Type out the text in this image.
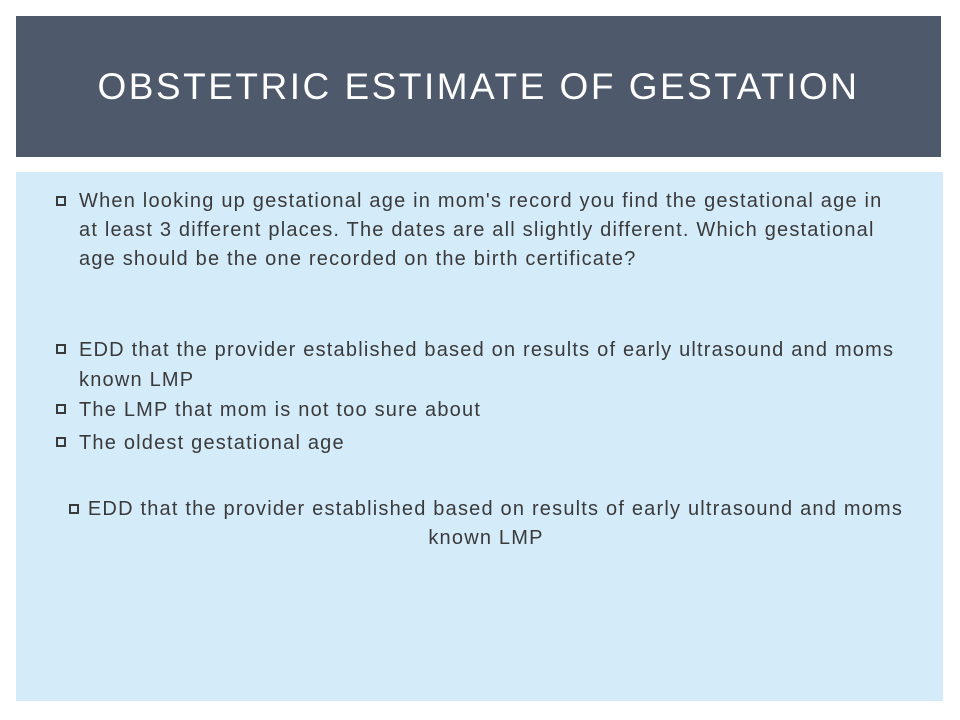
OBSTETRIC ESTIMATE OF GESTATION
When looking up gestational age in mom's record you find the gestational age in at least 3 different places. The dates are all slightly different. Which gestational age should be the one recorded on the birth certificate?
EDD that the provider established based on results of early ultrasound and moms known LMP
The LMP that mom is not too sure about
The oldest gestational age
EDD that the provider established based on results of early ultrasound and moms known LMP
